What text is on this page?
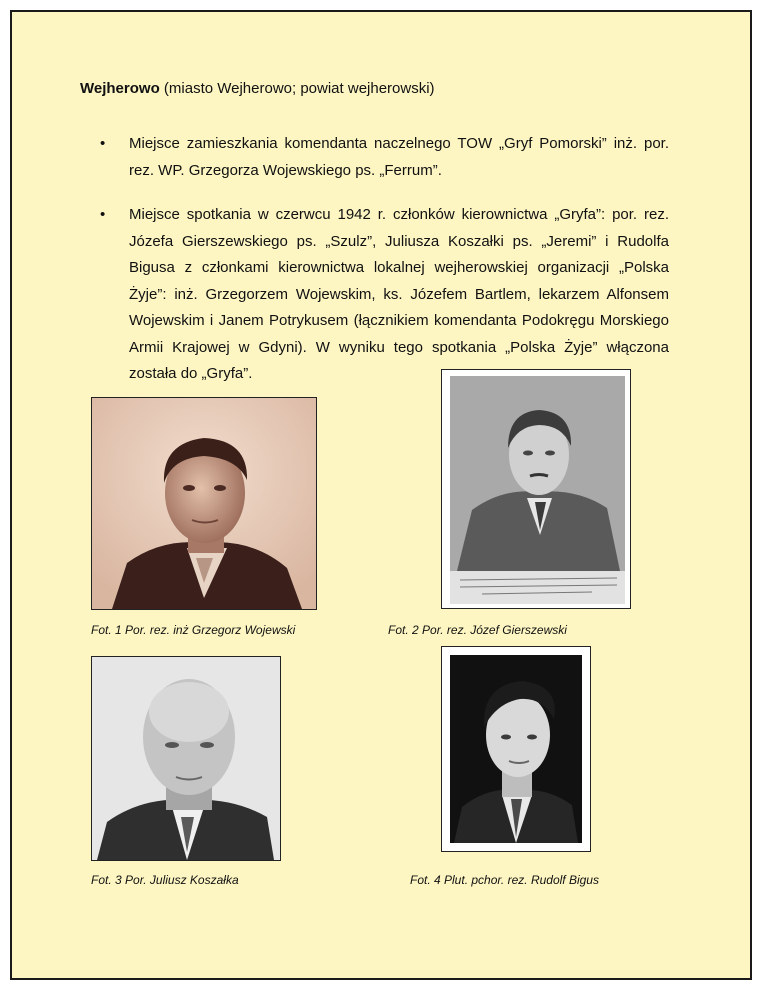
Wejherowo (miasto Wejherowo; powiat wejherowski)
•	Miejsce zamieszkania komendanta naczelnego TOW „Gryf Pomorski” inż. por. rez. WP. Grzegorza Wojewskiego ps. „Ferrum”.
•	Miejsce spotkania w czerwcu 1942 r. członków kierownictwa „Gryfa”: por. rez. Józefa Gierszewskiego ps. „Szulz”, Juliusza Koszałki ps. „Jeremi” i Rudolfa Bigusa z członkami kierownictwa lokalnej wejherowskiej organizacji „Polska Żyje”: inż. Grzegorzem Wojewskim, ks. Józefem Bartlem, lekarzem Alfonsem Wojewskim i Janem Potrykusem (łącznikiem komendanta Podokręgu Morskiego Armii Krajowej w Gdyni). W wyniku tego spotkania „Polska Żyje” włączona została do „Gryfa”.
Fot. 1 Por. rez. inż Grzegorz Wojewski	Fot. 2 Por. rez. Józef Gierszewski
Fot. 3 Por. Juliusz Koszałka	Fot. 4 Plut. pchor. rez. Rudolf Bigus
